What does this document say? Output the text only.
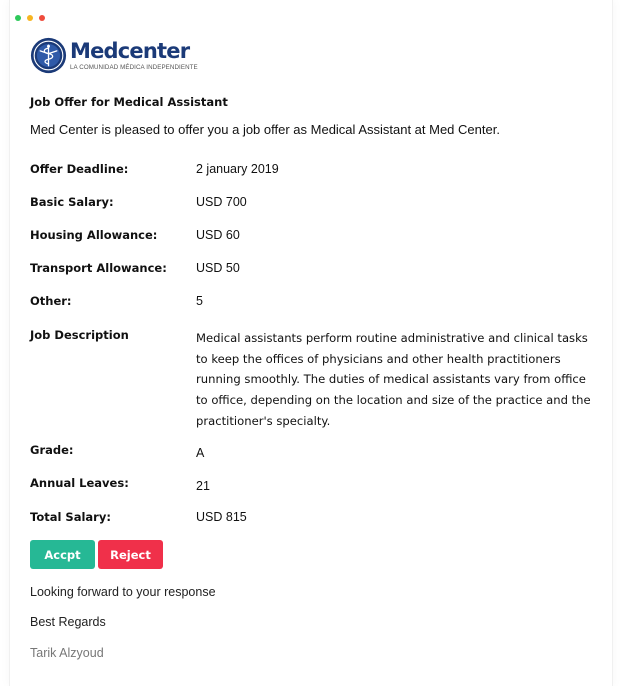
Medcenter
LA COMUNIDAD MÉDICA INDEPENDIENTE
Job Offer for Medical Assistant
Med Center is pleased to offer you a job offer as Medical Assistant at Med Center.
Offer Deadline:	2 january 2019
Basic Salary:	USD 700
Housing Allowance:	USD 60
Transport Allowance: USD 50
Other:	5
Job Description	Medical assistants perform routine administrative and clinical tasks to keep the offices of physicians and other health practitioners running smoothly. The duties of medical assistants vary from office to office, depending on the location and size of the practice and the practitioner's specialty.
Grade:	A
Annual Leaves:	21
Total Salary:	USD 815
Accpt	Reject
Looking forward to your response
Best Regards
Tarik Alzyoud
